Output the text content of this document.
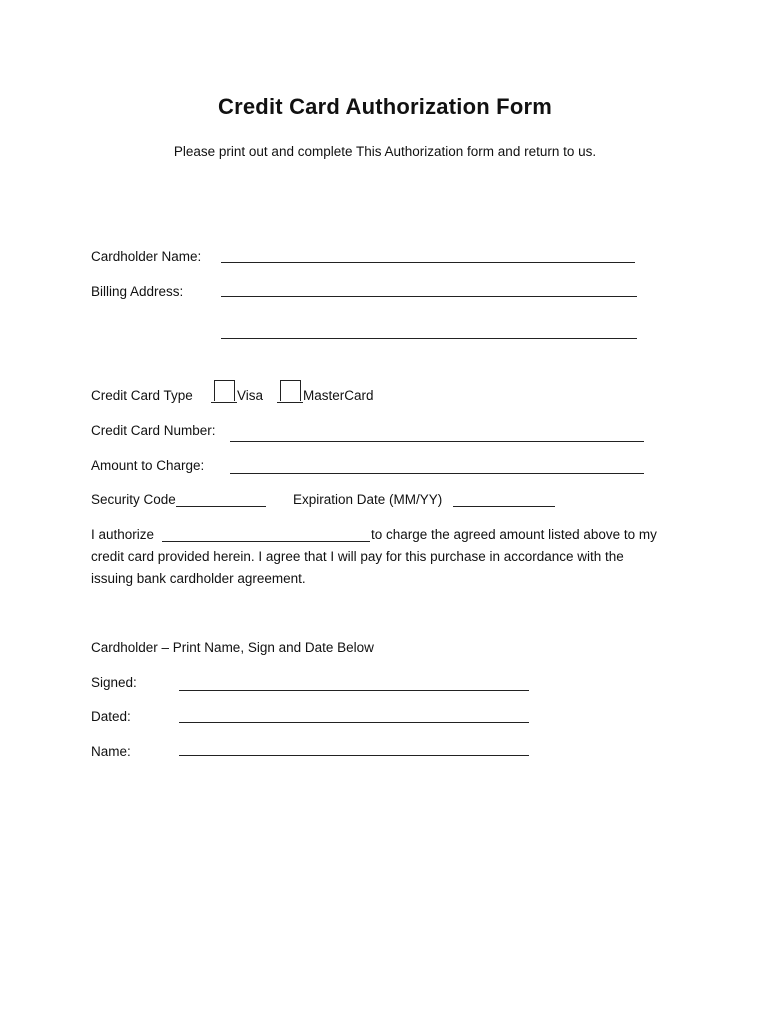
Credit Card Authorization Form
Please print out and complete This Authorization form and return to us.
Cardholder Name:
Billing Address:
Credit Card Type	Visa	MasterCard
Credit Card Number:
Amount to Charge:
Security Code	Expiration Date (MM/YY)
I authorize	to charge the agreed amount listed above to my
credit card provided herein. I agree that I will pay for this purchase in accordance with the
issuing bank cardholder agreement.
Cardholder – Print Name, Sign and Date Below
Signed:
Dated:
Name:
